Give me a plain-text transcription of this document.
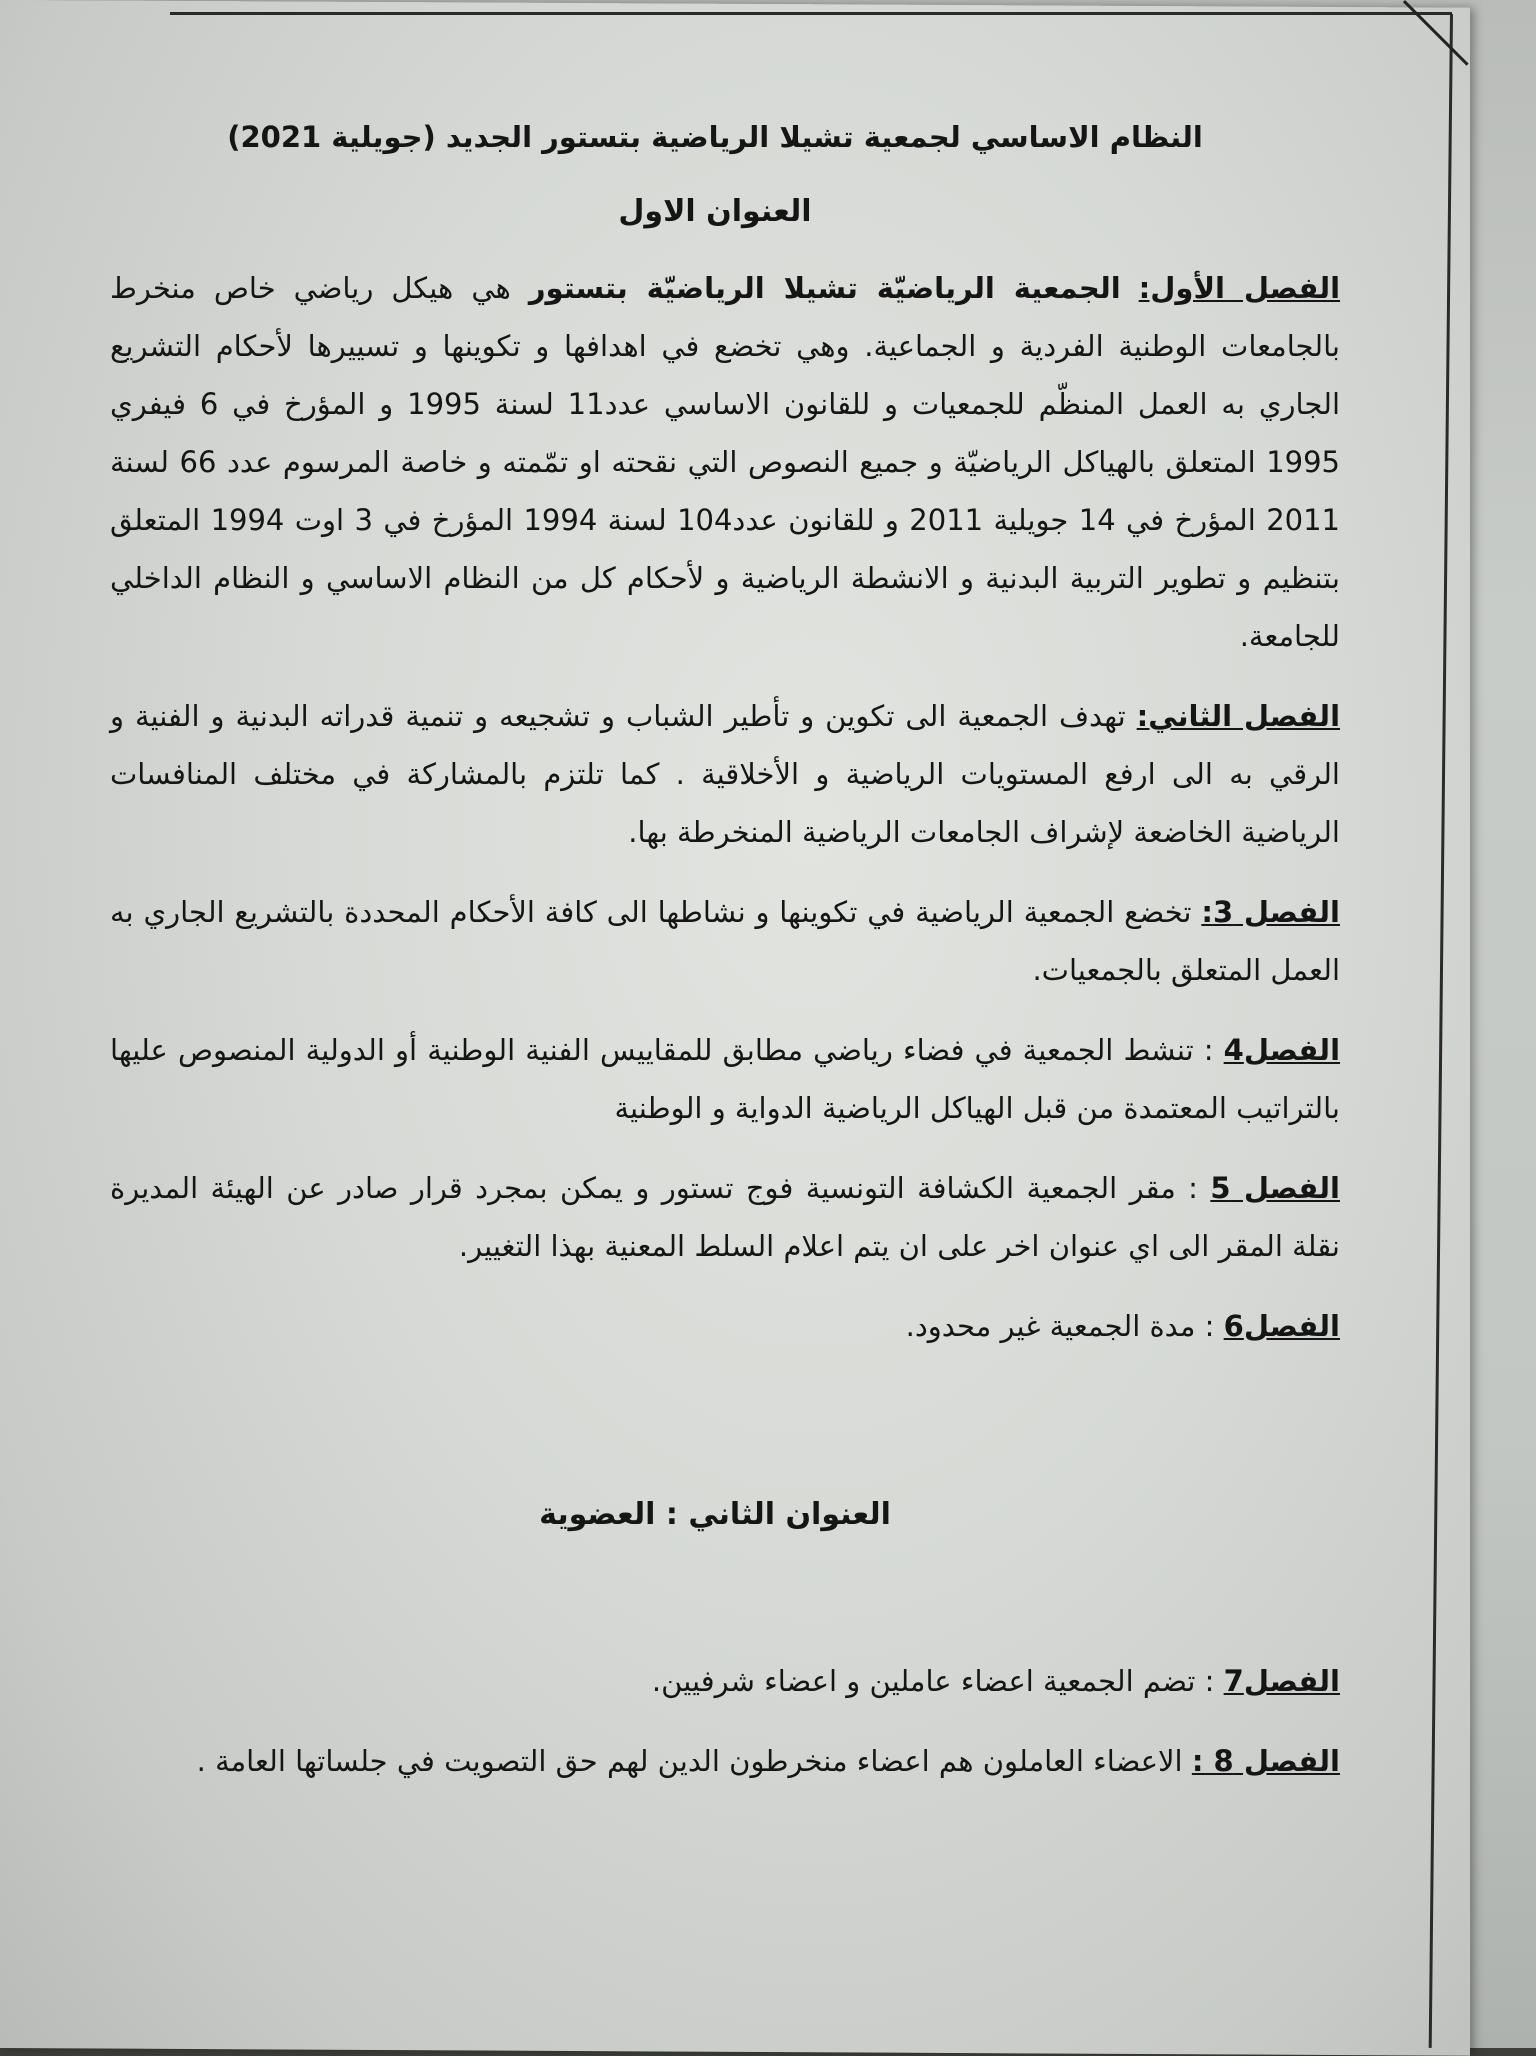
النظام الاساسي لجمعية تشيلا الرياضية بتستور الجديد (جويلية 2021)
العنوان الاول

الفصل الأول: الجمعية الرياضيّة تشيلا الرياضيّة بتستور هي هيكل رياضي خاص منخرط بالجامعات الوطنية الفردية و الجماعية. وهي تخضع في اهدافها و تكوينها و تسييرها لأحكام التشريع الجاري به العمل المنظّم للجمعيات و للقانون الاساسي عدد11 لسنة 1995 و المؤرخ في 6 فيفري 1995 المتعلق بالهياكل الرياضيّة و جميع النصوص التي نقحته او تمّمته و خاصة المرسوم عدد 66 لسنة 2011 المؤرخ في 14 جويلية 2011 و للقانون عدد104 لسنة 1994 المؤرخ في 3 اوت 1994 المتعلق بتنظيم و تطوير التربية البدنية و الانشطة الرياضية و لأحكام كل من النظام الاساسي و النظام الداخلي للجامعة.

الفصل الثاني: تهدف الجمعية الى تكوين و تأطير الشباب و تشجيعه و تنمية قدراته البدنية و الفنية و الرقي به الى ارفع المستويات الرياضية و الأخلاقية . كما تلتزم بالمشاركة في مختلف المنافسات الرياضية الخاضعة لإشراف الجامعات الرياضية المنخرطة بها.

الفصل 3: تخضع الجمعية الرياضية في تكوينها و نشاطها الى كافة الأحكام المحددة بالتشريع الجاري به العمل المتعلق بالجمعيات.

الفصل4 : تنشط الجمعية في فضاء رياضي مطابق للمقاييس الفنية الوطنية أو الدولية المنصوص عليها بالتراتيب المعتمدة من قبل الهياكل الرياضية الدواية و الوطنية

الفصل 5 : مقر الجمعية الكشافة التونسية فوج تستور و يمكن بمجرد قرار صادر عن الهيئة المديرة نقلة المقر الى اي عنوان اخر على ان يتم اعلام السلط المعنية بهذا التغيير.

الفصل6 : مدة الجمعية غير محدود.

العنوان الثاني : العضوية

الفصل7 : تضم الجمعية اعضاء عاملين و اعضاء شرفيين.

الفصل 8 : الاعضاء العاملون هم اعضاء منخرطون الدين لهم حق التصويت في جلساتها العامة .
